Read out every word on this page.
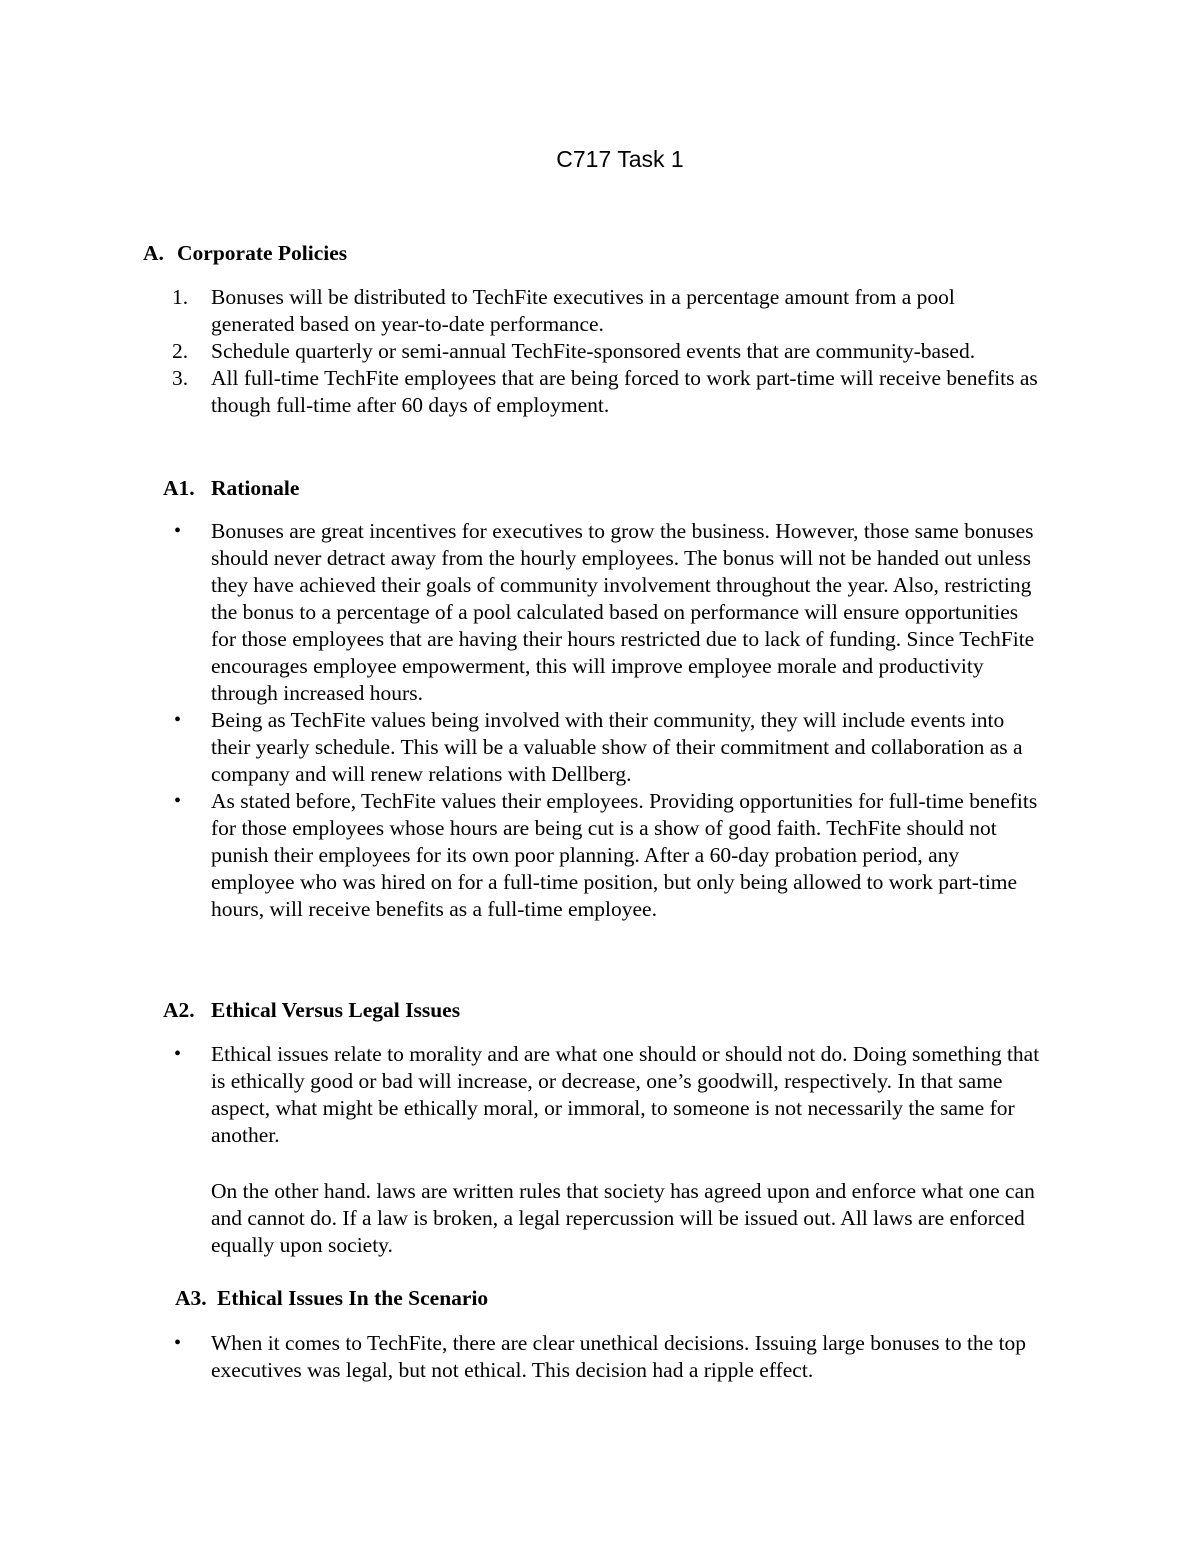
C717 Task 1
A. Corporate Policies
1. Bonuses will be distributed to TechFite executives in a percentage amount from a pool generated based on year-to-date performance.
2. Schedule quarterly or semi-annual TechFite-sponsored events that are community-based.
3. All full-time TechFite employees that are being forced to work part-time will receive benefits as though full-time after 60 days of employment.
A1. Rationale
• Bonuses are great incentives for executives to grow the business. However, those same bonuses should never detract away from the hourly employees. The bonus will not be handed out unless they have achieved their goals of community involvement throughout the year. Also, restricting the bonus to a percentage of a pool calculated based on performance will ensure opportunities for those employees that are having their hours restricted due to lack of funding. Since TechFite encourages employee empowerment, this will improve employee morale and productivity through increased hours.
• Being as TechFite values being involved with their community, they will include events into their yearly schedule. This will be a valuable show of their commitment and collaboration as a company and will renew relations with Dellberg.
• As stated before, TechFite values their employees. Providing opportunities for full-time benefits for those employees whose hours are being cut is a show of good faith. TechFite should not punish their employees for its own poor planning. After a 60-day probation period, any employee who was hired on for a full-time position, but only being allowed to work part-time hours, will receive benefits as a full-time employee.
A2. Ethical Versus Legal Issues
• Ethical issues relate to morality and are what one should or should not do. Doing something that is ethically good or bad will increase, or decrease, one’s goodwill, respectively. In that same aspect, what might be ethically moral, or immoral, to someone is not necessarily the same for another.
On the other hand. laws are written rules that society has agreed upon and enforce what one can and cannot do. If a law is broken, a legal repercussion will be issued out. All laws are enforced equally upon society.
A3. Ethical Issues In the Scenario
• When it comes to TechFite, there are clear unethical decisions. Issuing large bonuses to the top executives was legal, but not ethical. This decision had a ripple effect.
